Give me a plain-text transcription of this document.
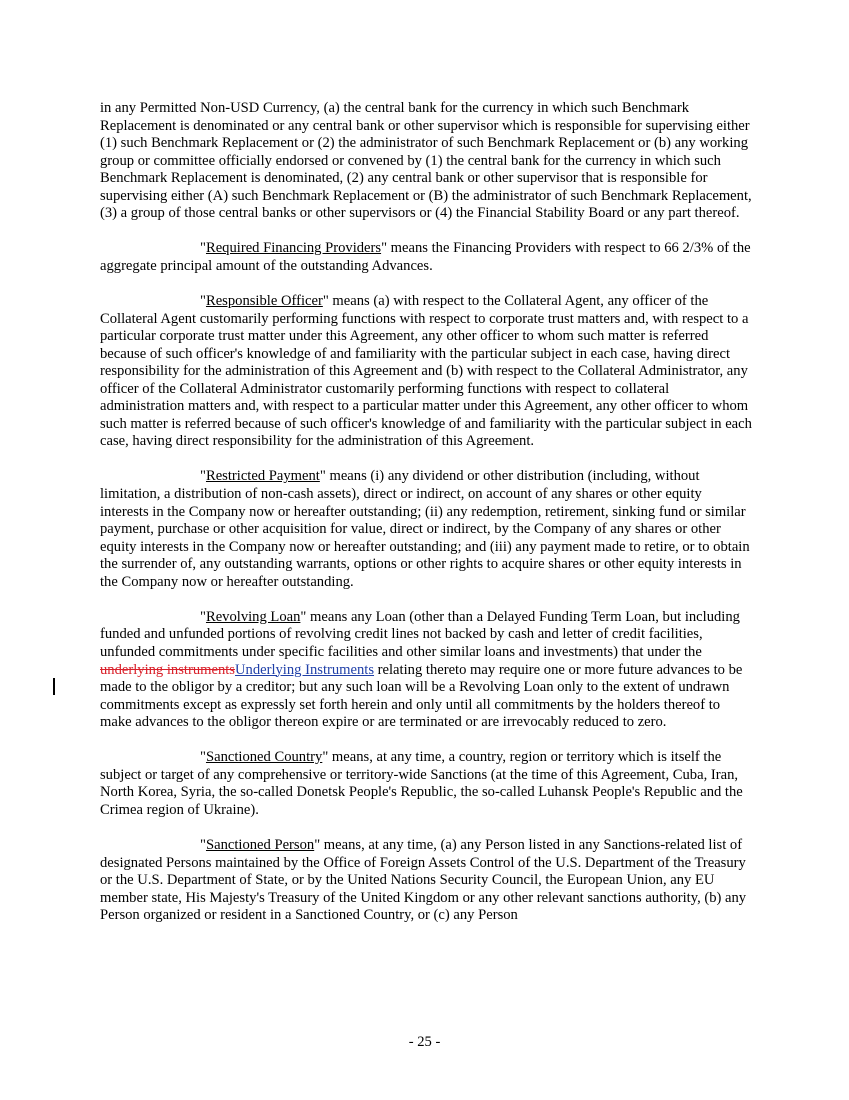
in any Permitted Non-USD Currency, (a) the central bank for the currency in which such Benchmark Replacement is denominated or any central bank or other supervisor which is responsible for supervising either (1) such Benchmark Replacement or (2) the administrator of such Benchmark Replacement or (b) any working group or committee officially endorsed or convened by (1) the central bank for the currency in which such Benchmark Replacement is denominated, (2) any central bank or other supervisor that is responsible for supervising either (A) such Benchmark Replacement or (B) the administrator of such Benchmark Replacement, (3) a group of those central banks or other supervisors or (4) the Financial Stability Board or any part thereof.

"Required Financing Providers" means the Financing Providers with respect to 66 2/3% of the aggregate principal amount of the outstanding Advances.

"Responsible Officer" means (a) with respect to the Collateral Agent, any officer of the Collateral Agent customarily performing functions with respect to corporate trust matters and, with respect to a particular corporate trust matter under this Agreement, any other officer to whom such matter is referred because of such officer's knowledge of and familiarity with the particular subject in each case, having direct responsibility for the administration of this Agreement and (b) with respect to the Collateral Administrator, any officer of the Collateral Administrator customarily performing functions with respect to collateral administration matters and, with respect to a particular matter under this Agreement, any other officer to whom such matter is referred because of such officer's knowledge of and familiarity with the particular subject in each case, having direct responsibility for the administration of this Agreement.

"Restricted Payment" means (i) any dividend or other distribution (including, without limitation, a distribution of non-cash assets), direct or indirect, on account of any shares or other equity interests in the Company now or hereafter outstanding; (ii) any redemption, retirement, sinking fund or similar payment, purchase or other acquisition for value, direct or indirect, by the Company of any shares or other equity interests in the Company now or hereafter outstanding; and (iii) any payment made to retire, or to obtain the surrender of, any outstanding warrants, options or other rights to acquire shares or other equity interests in the Company now or hereafter outstanding.

"Revolving Loan" means any Loan (other than a Delayed Funding Term Loan, but including funded and unfunded portions of revolving credit lines not backed by cash and letter of credit facilities, unfunded commitments under specific facilities and other similar loans and investments) that under the underlying instrumentsUnderlying Instruments relating thereto may require one or more future advances to be made to the obligor by a creditor; but any such loan will be a Revolving Loan only to the extent of undrawn commitments except as expressly set forth herein and only until all commitments by the holders thereof to make advances to the obligor thereon expire or are terminated or are irrevocably reduced to zero.

"Sanctioned Country" means, at any time, a country, region or territory which is itself the subject or target of any comprehensive or territory-wide Sanctions (at the time of this Agreement, Cuba, Iran, North Korea, Syria, the so-called Donetsk People's Republic, the so-called Luhansk People's Republic and the Crimea region of Ukraine).

"Sanctioned Person" means, at any time, (a) any Person listed in any Sanctions-related list of designated Persons maintained by the Office of Foreign Assets Control of the U.S. Department of the Treasury or the U.S. Department of State, or by the United Nations Security Council, the European Union, any EU member state, His Majesty's Treasury of the United Kingdom or any other relevant sanctions authority, (b) any Person organized or resident in a Sanctioned Country, or (c) any Person

- 25 -
